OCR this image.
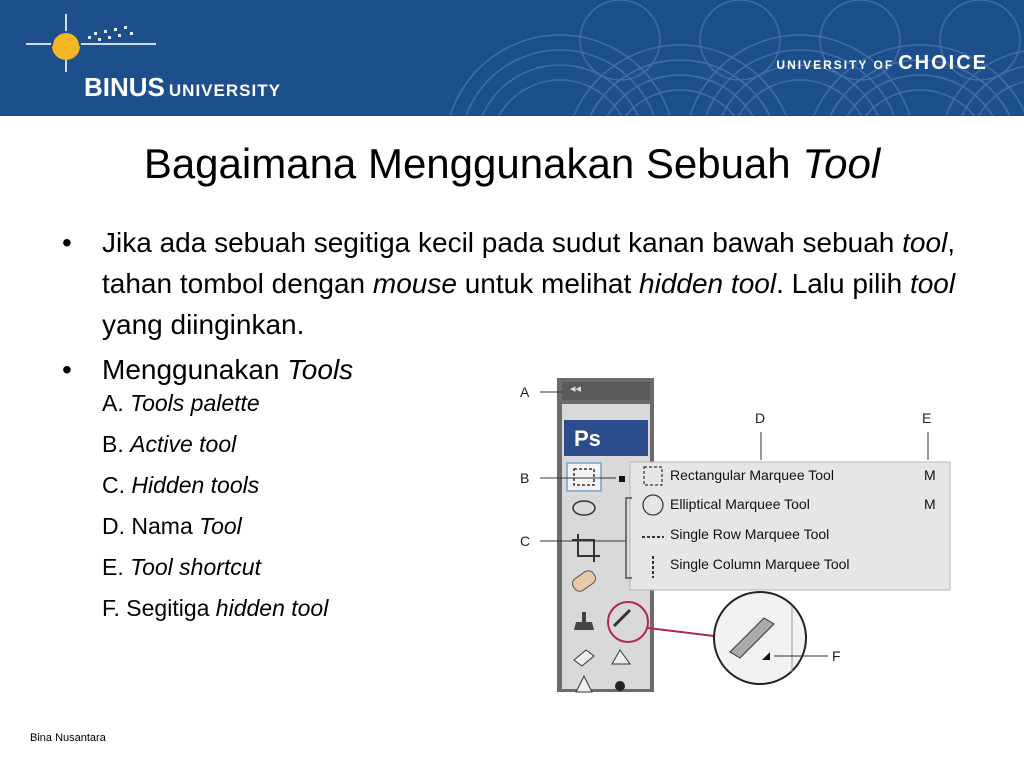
BINUS UNIVERSITY
UNIVERSITY OF CHOICE
Bagaimana Menggunakan Sebuah Tool
• Jika ada sebuah segitiga kecil pada sudut kanan bawah sebuah tool, tahan tombol dengan mouse untuk melihat hidden tool. Lalu pilih tool yang diinginkan.
• Menggunakan Tools
A. Tools palette
B. Active tool
C. Hidden tools
D. Nama Tool
E. Tool shortcut
F. Segitiga hidden tool
◂◂
Ps
A
B
C
D	E
F
Rectangular Marquee Tool	M
Elliptical Marquee Tool	M
Single Row Marquee Tool
Single Column Marquee Tool
Bina Nusantara
